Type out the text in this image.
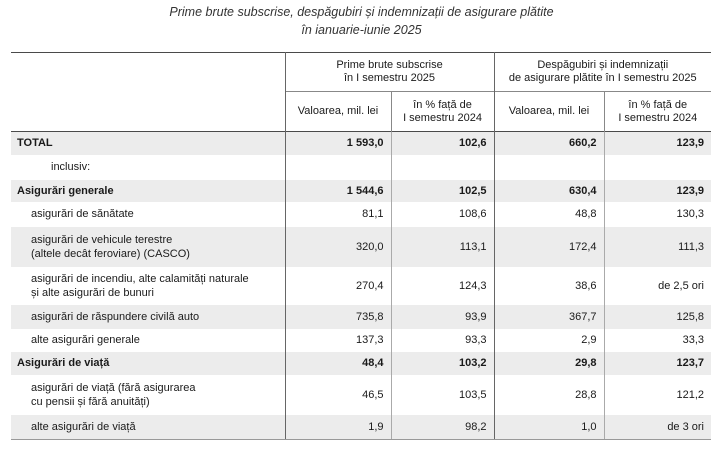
Prime brute subscrise, despăgubiri și indemnizații de asigurare plătite
în ianuarie-iunie 2025
	Prime brute subscrise
în I semestru 2025		Despăgubiri și indemnizații
de asigurare plătite în I semestru 2025	
	Valoarea, mil. lei	în % față de
I semestru 2024	Valoarea, mil. lei	în % față de
I semestru 2024
TOTAL	1 593,0	102,6	660,2	123,9
inclusiv:				
Asigurări generale	1 544,6	102,5	630,4	123,9
asigurări de sănătate	81,1	108,6	48,8	130,3
asigurări de vehicule terestre
(altele decât feroviare) (CASCO)	320,0	113,1	172,4	111,3
asigurări de incendiu, alte calamități naturale
și alte asigurări de bunuri	270,4	124,3	38,6	de 2,5 ori
asigurări de răspundere civilă auto	735,8	93,9	367,7	125,8
alte asigurări generale	137,3	93,3	2,9	33,3
Asigurări de viață	48,4	103,2	29,8	123,7
asigurări de viață (fără asigurarea
cu pensii și fără anuități)	46,5	103,5	28,8	121,2
alte asigurări de viață	1,9	98,2	1,0	de 3 ori
